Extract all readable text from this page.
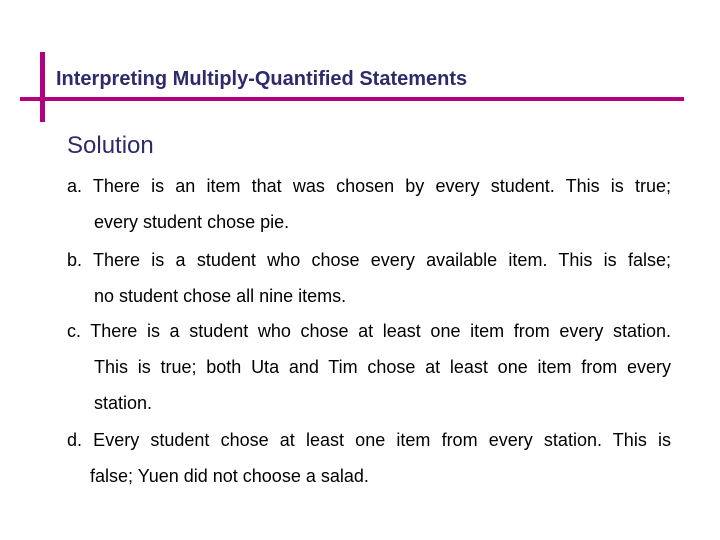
Interpreting Multiply-Quantified Statements
Solution
a. There is an item that was chosen by every student. This is true;
every student chose pie.
b. There is a student who chose every available item. This is false;
no student chose all nine items.
c. There is a student who chose at least one item from every station.
This is true; both Uta and Tim chose at least one item from every
station.
d. Every student chose at least one item from every station. This is
false; Yuen did not choose a salad.
